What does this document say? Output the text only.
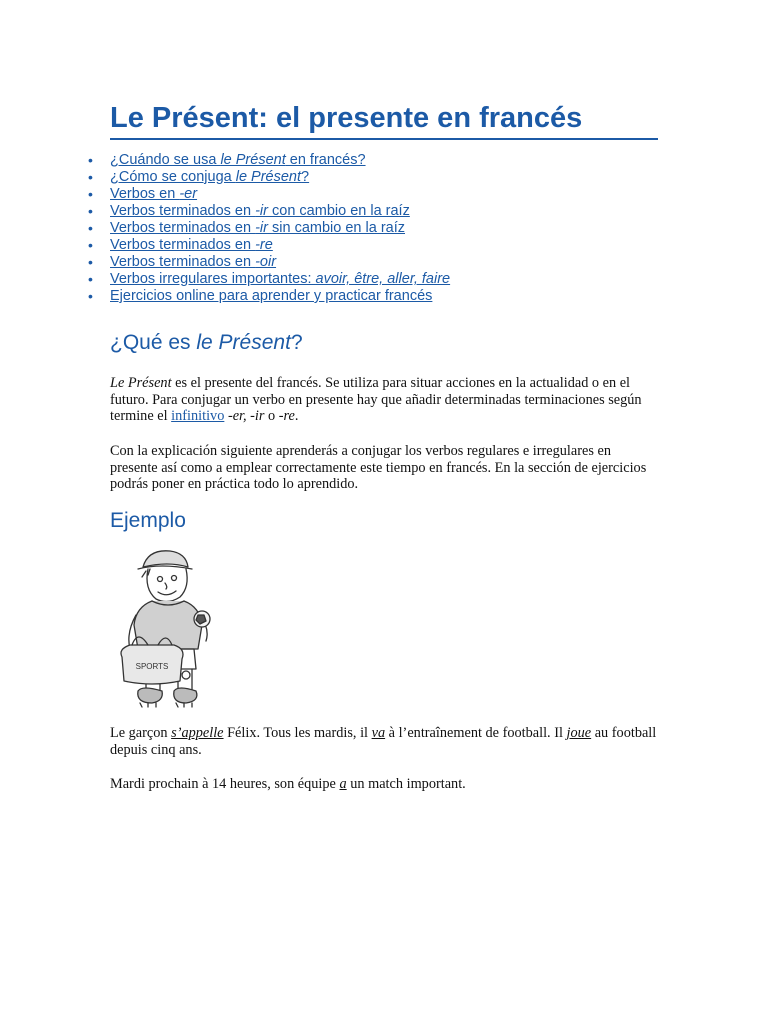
Le Présent: el presente en francés
• ¿Cuándo se usa le Présent en francés?
• ¿Cómo se conjuga le Présent?
• Verbos en -er
• Verbos terminados en -ir con cambio en la raíz
• Verbos terminados en -ir sin cambio en la raíz
• Verbos terminados en -re
• Verbos terminados en -oir
• Verbos irregulares importantes: avoir, être, aller, faire
• Ejercicios online para aprender y practicar francés
¿Qué es le Présent?

Le Présent es el presente del francés. Se utiliza para situar acciones en la actualidad o en el futuro. Para conjugar un verbo en presente hay que añadir determinadas terminaciones según termine el infinitivo -er, -ir o -re.

Con la explicación siguiente aprenderás a conjugar los verbos regulares e irregulares en presente así como a emplear correctamente este tiempo en francés. En la sección de ejercicios podrás poner en práctica todo lo aprendido.

Ejemplo
SPORTS

Le garçon s’appelle Félix. Tous les mardis, il va à l’entraînement de football. Il joue au football depuis cinq ans.

Mardi prochain à 14 heures, son équipe a un match important.
